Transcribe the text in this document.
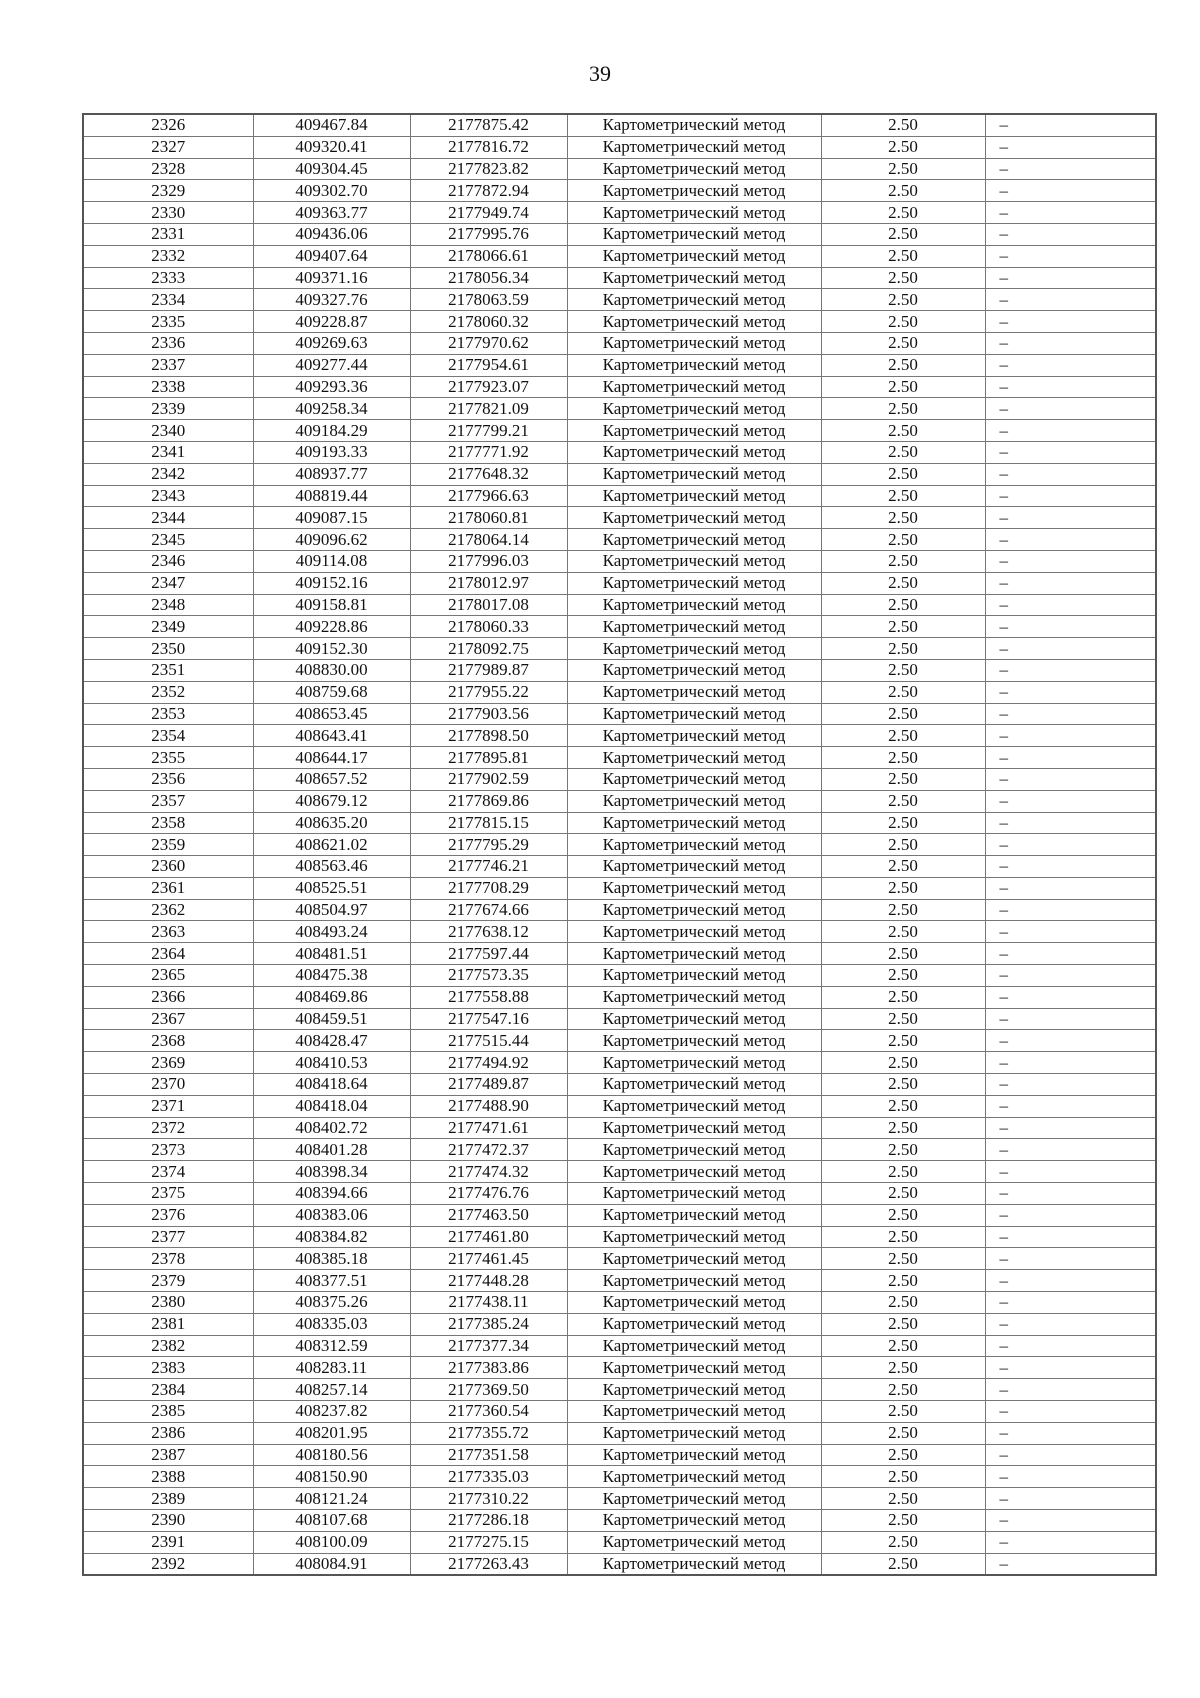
39
2326	409467.84	2177875.42	Картометрический метод	2.50	–
2327	409320.41	2177816.72	Картометрический метод	2.50	–
2328	409304.45	2177823.82	Картометрический метод	2.50	–
2329	409302.70	2177872.94	Картометрический метод	2.50	–
2330	409363.77	2177949.74	Картометрический метод	2.50	–
2331	409436.06	2177995.76	Картометрический метод	2.50	–
2332	409407.64	2178066.61	Картометрический метод	2.50	–
2333	409371.16	2178056.34	Картометрический метод	2.50	–
2334	409327.76	2178063.59	Картометрический метод	2.50	–
2335	409228.87	2178060.32	Картометрический метод	2.50	–
2336	409269.63	2177970.62	Картометрический метод	2.50	–
2337	409277.44	2177954.61	Картометрический метод	2.50	–
2338	409293.36	2177923.07	Картометрический метод	2.50	–
2339	409258.34	2177821.09	Картометрический метод	2.50	–
2340	409184.29	2177799.21	Картометрический метод	2.50	–
2341	409193.33	2177771.92	Картометрический метод	2.50	–
2342	408937.77	2177648.32	Картометрический метод	2.50	–
2343	408819.44	2177966.63	Картометрический метод	2.50	–
2344	409087.15	2178060.81	Картометрический метод	2.50	–
2345	409096.62	2178064.14	Картометрический метод	2.50	–
2346	409114.08	2177996.03	Картометрический метод	2.50	–
2347	409152.16	2178012.97	Картометрический метод	2.50	–
2348	409158.81	2178017.08	Картометрический метод	2.50	–
2349	409228.86	2178060.33	Картометрический метод	2.50	–
2350	409152.30	2178092.75	Картометрический метод	2.50	–
2351	408830.00	2177989.87	Картометрический метод	2.50	–
2352	408759.68	2177955.22	Картометрический метод	2.50	–
2353	408653.45	2177903.56	Картометрический метод	2.50	–
2354	408643.41	2177898.50	Картометрический метод	2.50	–
2355	408644.17	2177895.81	Картометрический метод	2.50	–
2356	408657.52	2177902.59	Картометрический метод	2.50	–
2357	408679.12	2177869.86	Картометрический метод	2.50	–
2358	408635.20	2177815.15	Картометрический метод	2.50	–
2359	408621.02	2177795.29	Картометрический метод	2.50	–
2360	408563.46	2177746.21	Картометрический метод	2.50	–
2361	408525.51	2177708.29	Картометрический метод	2.50	–
2362	408504.97	2177674.66	Картометрический метод	2.50	–
2363	408493.24	2177638.12	Картометрический метод	2.50	–
2364	408481.51	2177597.44	Картометрический метод	2.50	–
2365	408475.38	2177573.35	Картометрический метод	2.50	–
2366	408469.86	2177558.88	Картометрический метод	2.50	–
2367	408459.51	2177547.16	Картометрический метод	2.50	–
2368	408428.47	2177515.44	Картометрический метод	2.50	–
2369	408410.53	2177494.92	Картометрический метод	2.50	–
2370	408418.64	2177489.87	Картометрический метод	2.50	–
2371	408418.04	2177488.90	Картометрический метод	2.50	–
2372	408402.72	2177471.61	Картометрический метод	2.50	–
2373	408401.28	2177472.37	Картометрический метод	2.50	–
2374	408398.34	2177474.32	Картометрический метод	2.50	–
2375	408394.66	2177476.76	Картометрический метод	2.50	–
2376	408383.06	2177463.50	Картометрический метод	2.50	–
2377	408384.82	2177461.80	Картометрический метод	2.50	–
2378	408385.18	2177461.45	Картометрический метод	2.50	–
2379	408377.51	2177448.28	Картометрический метод	2.50	–
2380	408375.26	2177438.11	Картометрический метод	2.50	–
2381	408335.03	2177385.24	Картометрический метод	2.50	–
2382	408312.59	2177377.34	Картометрический метод	2.50	–
2383	408283.11	2177383.86	Картометрический метод	2.50	–
2384	408257.14	2177369.50	Картометрический метод	2.50	–
2385	408237.82	2177360.54	Картометрический метод	2.50	–
2386	408201.95	2177355.72	Картометрический метод	2.50	–
2387	408180.56	2177351.58	Картометрический метод	2.50	–
2388	408150.90	2177335.03	Картометрический метод	2.50	–
2389	408121.24	2177310.22	Картометрический метод	2.50	–
2390	408107.68	2177286.18	Картометрический метод	2.50	–
2391	408100.09	2177275.15	Картометрический метод	2.50	–
2392	408084.91	2177263.43	Картометрический метод	2.50	–
